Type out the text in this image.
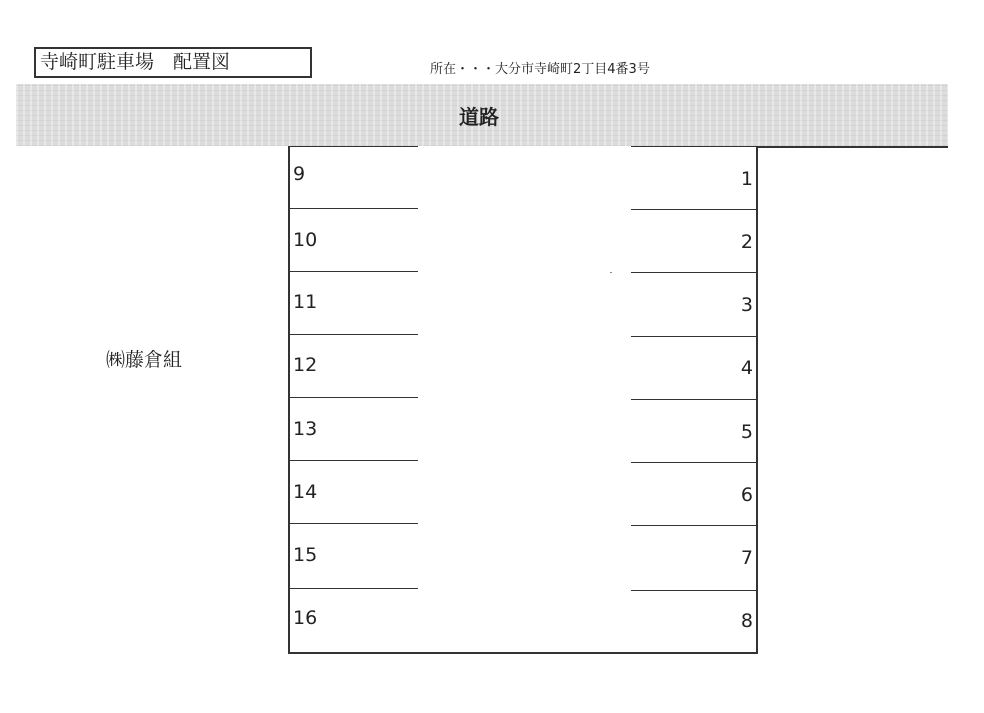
寺崎町駐車場　配置図	所在・・・大分市寺崎町2丁目4番3号
道路
9
10
11
12
13
14
15
16
1
2
3
4
5
6
7
8
㈱藤倉組
